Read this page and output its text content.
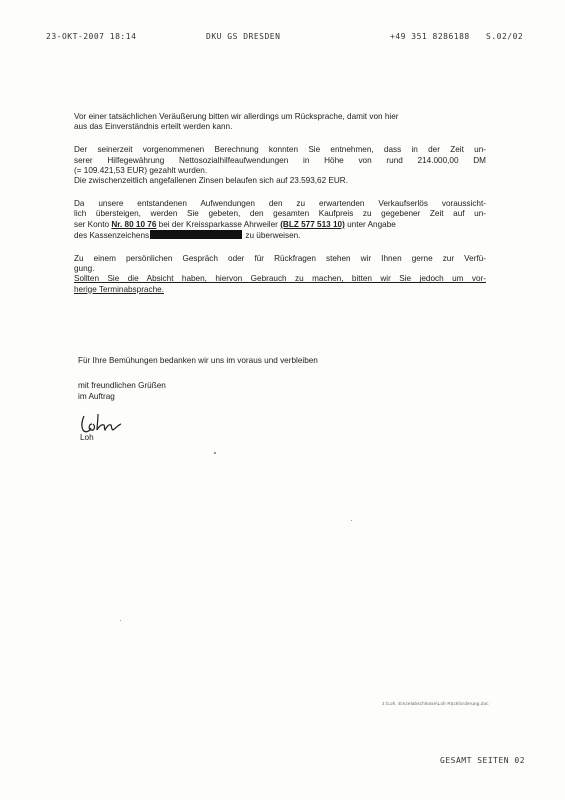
23-OKT-2007 18:14	DKU GS DRESDEN	+49 351 8286188 S.02/02

Vor einer tatsächlichen Veräußerung bitten wir allerdings um Rücksprache, damit von hier
aus das Einverständnis erteilt werden kann.

Der seinerzeit vorgenommenen Berechnung konnten Sie entnehmen, dass in der Zeit un-
serer Hilfegewährung Nettosozialhilfeaufwendungen in Höhe von rund 214.000,00 DM
(= 109.421,53 EUR) gezahlt wurden.
Die zwischenzeitlich angefallenen Zinsen belaufen sich auf 23.593,62 EUR.

Da unsere entstandenen Aufwendungen den zu erwartenden Verkaufserlös voraussicht-
lich übersteigen, werden Sie gebeten, den gesamten Kaufpreis zu gegebener Zeit auf un-
ser Konto Nr. 80 10 76 bei der Kreissparkasse Ahrweiler (BLZ 577 513 10) unter Angabe
des Kassenzeichens	zu überweisen.

Zu einem persönlichen Gespräch oder für Rückfragen stehen wir Ihnen gerne zur Verfü-
gung.
Sollten Sie die Absicht haben, hiervon Gebrauch zu machen, bitten wir Sie jedoch um vor-
herige Terminabsprache.

Für Ihre Bemühungen bedanken wir uns im voraus und verbleiben
mit freundlichen Grüßen
im Auftrag
Loh
J:\Loh. Einzelabschlüsse\Loh Rückforderung.doc
GESAMT SEITEN 02
